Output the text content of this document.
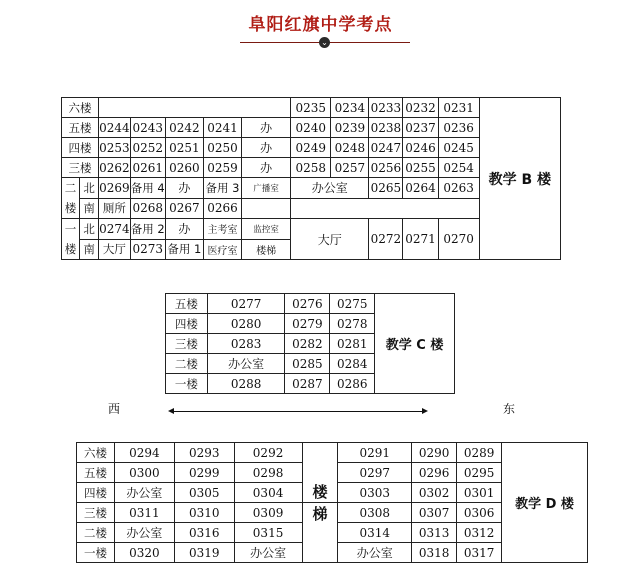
阜阳红旗中学考点
⌄
六楼							0235	0234	0233	0232	0231	教学 B 楼
五楼		0244	0243	0242	0241	办	0240	0239	0238	0237	0236	
四楼		0253	0252	0251	0250	办	0249	0248	0247	0246	0245	
三楼		0262	0261	0260	0259	办	0258	0257	0256	0255	0254	
二楼	北	0269	备用 4	办	备用 3	广播室	办公室		0265	0264	0263	
	南	厕所	0268	0267	0266							
一楼	北	0274	备用 2	办	主考室	监控室	大厅		0272	0271	0270	
	南	大厅	0273	备用 1	医疗室	楼梯						
五楼	0277	0276	0275	教学 C 楼
四楼	0280	0279	0278	
三楼	0283	0282	0281	
二楼	办公室	0285	0284	
一楼	0288	0287	0286	
西	东
六楼	0294	0293	0292	楼	0291	0290	0289	教学 D 楼
五楼	0300	0299	0298		0297	0296	0295	
四楼	办公室	0305	0304		0303	0302	0301	
三楼	0311	0310	0309	梯	0308	0307	0306	
二楼	办公室	0316	0315		0314	0313	0312	
一楼	0320	0319	办公室		办公室	0318	0317	
